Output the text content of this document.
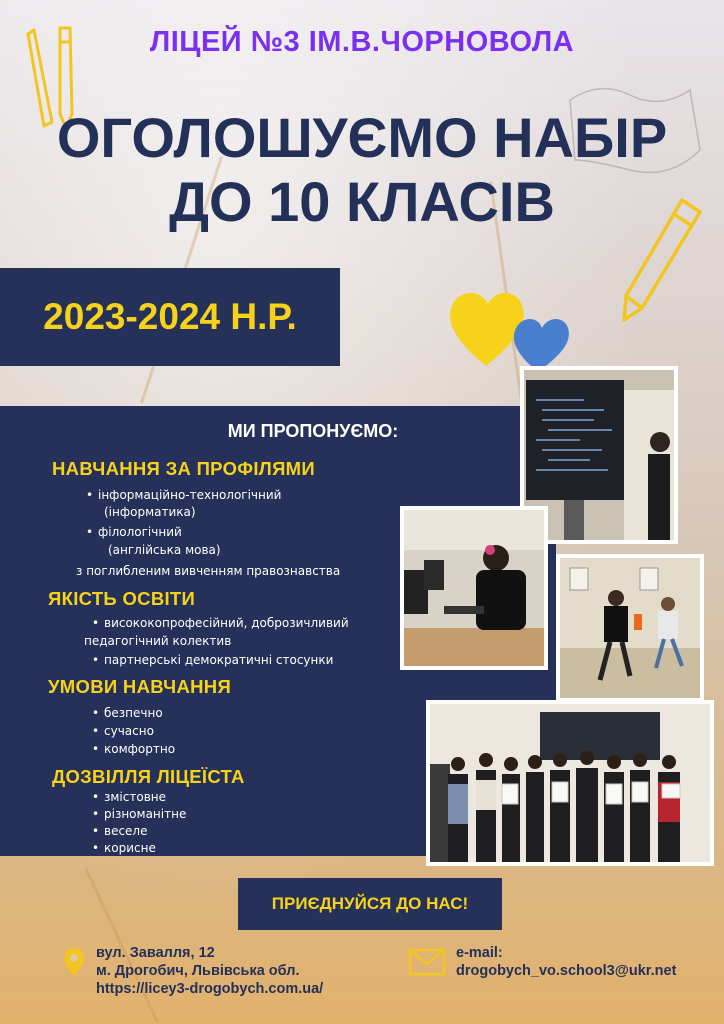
ЛІЦЕЙ №3 ІМ.В.ЧОРНОВОЛА
ОГОЛОШУЄМО НАБІР
ДО 10 КЛАСІВ
2023-2024 Н.Р.
МИ ПРОПОНУЄМО:
НАВЧАННЯ ЗА ПРОФІЛЯМИ
• інформаційно-технологічний
(інформатика)
• філологічний
(англійська мова)
з поглибленим вивченням правознавства
ЯКІСТЬ ОСВІТИ
• висококопрофесійний, доброзичливий
педагогічний колектив
• партнерські демократичні стосунки
УМОВИ НАВЧАННЯ
• безпечно
• сучасно
• комфортно
ДОЗВІЛЛЯ ЛІЦЕЇСТА
• змістовне
• різноманітне
• веселе
• корисне
ПРИЄДНУЙСЯ ДО НАС!
вул. Завалля, 12
м. Дрогобич, Львівська обл.
https://licey3-drogobych.com.ua/
e-mail:
drogobych_vo.school3@ukr.net
